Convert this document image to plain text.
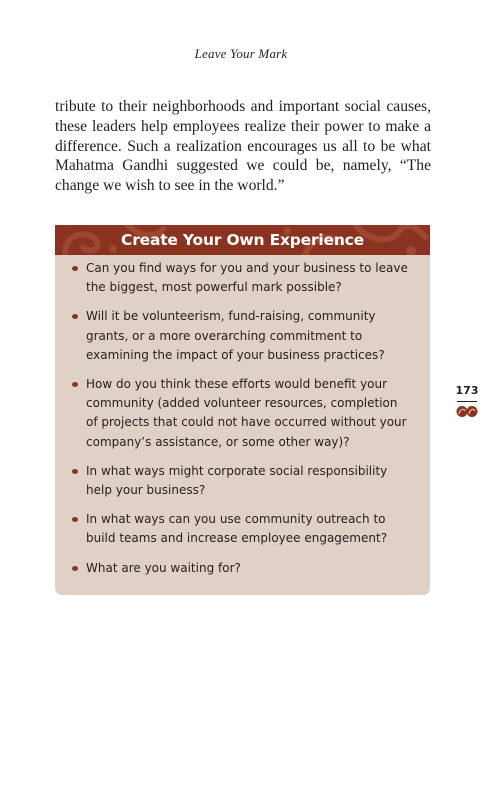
Leave Your Mark

tribute to their neighborhoods and important social causes, these leaders help employees realize their power to make a difference. Such a realization encourages us all to be what Mahatma Gandhi suggested we could be, namely, “The change we wish to see in the world.”

Create Your Own Experience
Can you find ways for you and your business to leave the biggest, most powerful mark possible?
Will it be volunteerism, fund-raising, community grants, or a more overarching commitment to examining the impact of your business practices?
How do you think these efforts would benefit your community (added volunteer resources, completion of projects that could not have occurred without your company’s assistance, or some other way)?
In what ways might corporate social responsibility help your business?
In what ways can you use community outreach to build teams and increase employee engagement?
What are you waiting for?
173
